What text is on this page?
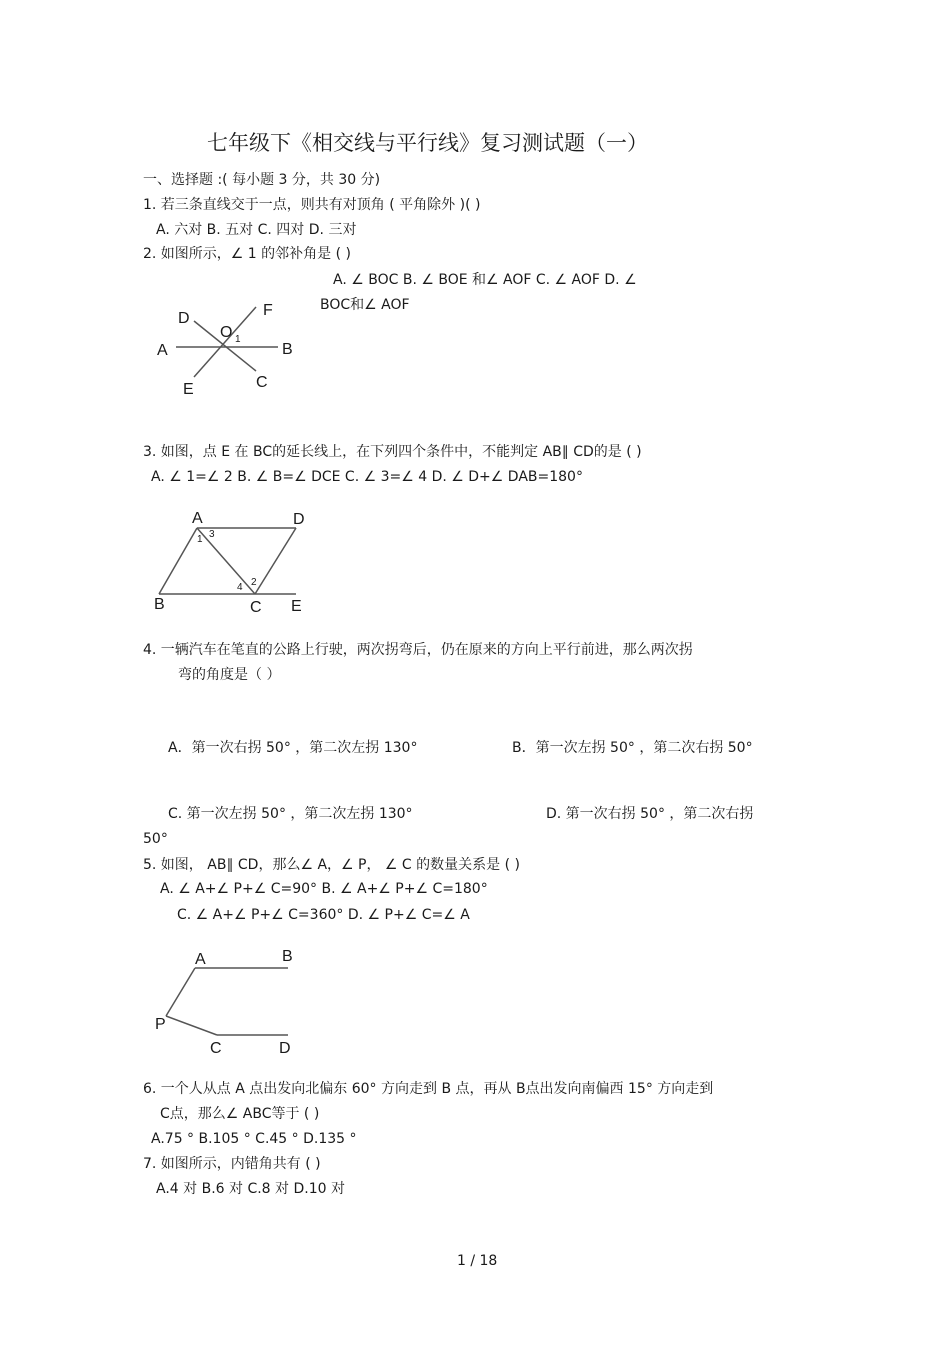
七年级下《相交线与平行线》复习测试题（一）
一、选择题 :( 每小题 3 分，共 30 分)
1. 若三条直线交于一点，则共有对顶角 ( 平角除外 )( )
A. 六对 B. 五对 C. 四对 D. 三对
2. 如图所示，∠ 1 的邻补角是 ( )
A. ∠ BOC B. ∠ BOE 和∠ AOF C. ∠ AOF D. ∠
BOC和∠ AOF
A	B
C
D
E
F
O 1
3. 如图，点 E 在 BC的延长线上，在下列四个条件中，不能判定 AB∥ CD的是 ( )
A. ∠ 1=∠ 2 B. ∠ B=∠ DCE C. ∠ 3=∠ 4 D. ∠ D+∠ DAB=180°
A	D
B	C E
1 3
4 2
4. 一辆汽车在笔直的公路上行驶，两次拐弯后，仍在原来的方向上平行前进，那么两次拐
弯的角度是（ ）
A．第一次右拐 50° ，第二次左拐 130°	B．第一次左拐 50° ，第二次右拐 50°
C. 第一次左拐 50° ，第二次左拐 130°	D. 第一次右拐 50° ，第二次右拐
50°
5. 如图， AB∥ CD，那么∠ A，∠ P， ∠ C 的数量关系是 ( )
A. ∠ A+∠ P+∠ C=90° B. ∠ A+∠ P+∠ C=180°
C. ∠ A+∠ P+∠ C=360° D. ∠ P+∠ C=∠ A
A	B
P
C	D
6. 一个人从点 A 点出发向北偏东 60° 方向走到 B 点，再从 B点出发向南偏西 15° 方向走到
C点，那么∠ ABC等于 ( )
A.75 ° B.105 ° C.45 ° D.135 °
7. 如图所示，内错角共有 ( )
A.4 对 B.6 对 C.8 对 D.10 对
1 / 18
